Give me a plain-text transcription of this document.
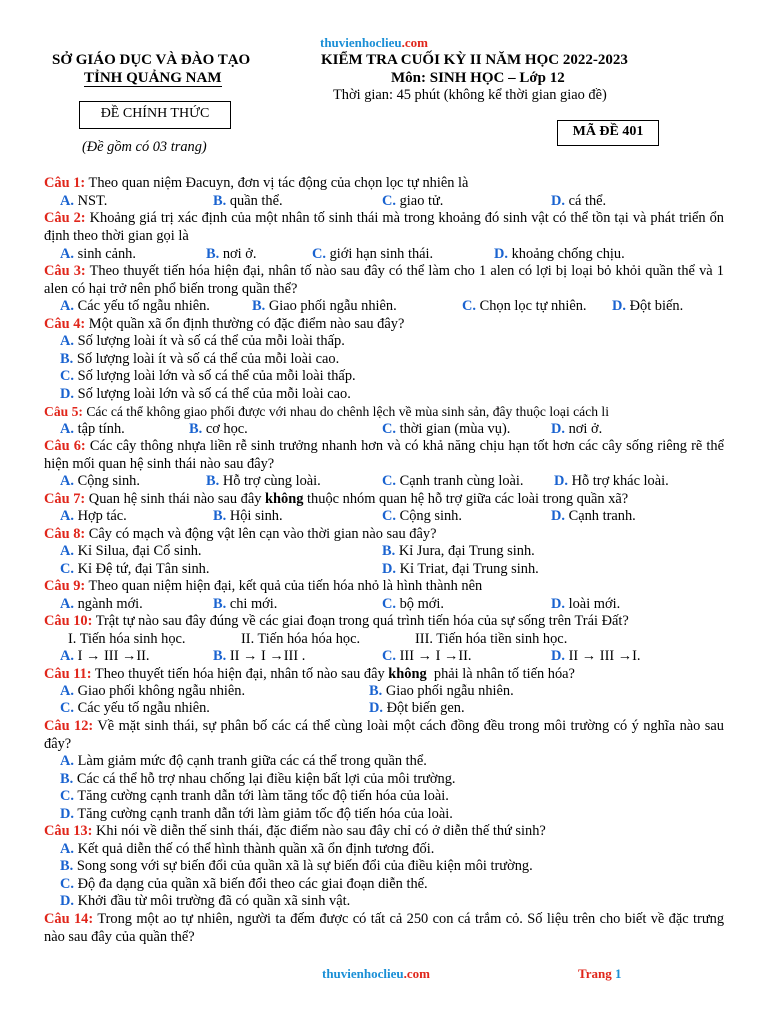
thuvienhoclieu.com
SỞ GIÁO DỤC VÀ ĐÀO TẠO
TỈNH QUẢNG NAM
ĐỀ CHÍNH THỨC
(Đề gồm có 03 trang)
KIỂM TRA CUỐI KỲ II NĂM HỌC 2022-2023
Môn: SINH HỌC – Lớp 12
Thời gian: 45 phút (không kể thời gian giao đề)
MÃ ĐỀ 401
Câu 1: Theo quan niệm Đacuyn, đơn vị tác động của chọn lọc tự nhiên là
A. NST.	B. quần thể.	C. giao tử.	D. cá thể.
Câu 2: Khoảng giá trị xác định của một nhân tố sinh thái mà trong khoảng đó sinh vật có thể tồn tại và phát triển ổn định theo thời gian gọi là
A. sinh cảnh.	B. nơi ở.	C. giới hạn sinh thái.	D. khoảng chống chịu.
Câu 3: Theo thuyết tiến hóa hiện đại, nhân tố nào sau đây có thể làm cho 1 alen có lợi bị loại bỏ khỏi quần thể và 1 alen có hại trở nên phổ biến trong quần thể?
A. Các yếu tố ngẫu nhiên.	B. Giao phối ngẫu nhiên.	C. Chọn lọc tự nhiên. D. Đột biến.
Câu 4: Một quần xã ổn định thường có đặc điểm nào sau đây?
A. Số lượng loài ít và số cá thể của mỗi loài thấp.
B. Số lượng loài ít và số cá thể của mỗi loài cao.
C. Số lượng loài lớn và số cá thể của mỗi loài thấp.
D. Số lượng loài lớn và số cá thể của mỗi loài cao.
Câu 5: Các cá thể không giao phối được với nhau do chênh lệch về mùa sinh sản, đây thuộc loại cách li
A. tập tính.	B. cơ học.	C. thời gian (mùa vụ).	D. nơi ở.
Câu 6: Các cây thông nhựa liền rễ sinh trưởng nhanh hơn và có khả năng chịu hạn tốt hơn các cây sống riêng rẽ thể hiện mối quan hệ sinh thái nào sau đây?
A. Cộng sinh.	B. Hỗ trợ cùng loài.	C. Cạnh tranh cùng loài. D. Hỗ trợ khác loài.
Câu 7: Quan hệ sinh thái nào sau đây không thuộc nhóm quan hệ hỗ trợ giữa các loài trong quần xã?
A. Hợp tác.	B. Hội sinh.	C. Cộng sinh.	D. Cạnh tranh.
Câu 8: Cây có mạch và động vật lên cạn vào thời gian nào sau đây?
A. Kỉ Silua, đại Cổ sinh.	B. Kỉ Jura, đại Trung sinh.
C. Kỉ Đệ tứ, đại Tân sinh.	D. Kỉ Triat, đại Trung sinh.
Câu 9: Theo quan niệm hiện đại, kết quả của tiến hóa nhỏ là hình thành nên
A. ngành mới.	B. chi mới.	C. bộ mới.	D. loài mới.
Câu 10: Trật tự nào sau đây đúng về các giai đoạn trong quá trình tiến hóa của sự sống trên Trái Đất?
I. Tiến hóa sinh học.	II. Tiến hóa hóa học.	III. Tiến hóa tiền sinh học.
A. I → III →II.	B. II → I →III .	C. III → I →II.	D. II → III →I.
Câu 11: Theo thuyết tiến hóa hiện đại, nhân tố nào sau đây không  phải là nhân tố tiến hóa?
A. Giao phối không ngẫu nhiên.	B. Giao phối ngẫu nhiên.
C. Các yếu tố ngẫu nhiên.	D. Đột biến gen.
Câu 12: Về mặt sinh thái, sự phân bố các cá thể cùng loài một cách đồng đều trong môi trường có ý nghĩa nào sau đây?
A. Làm giảm mức độ cạnh tranh giữa các cá thể trong quần thể.
B. Các cá thể hỗ trợ nhau chống lại điều kiện bất lợi của môi trường.
C. Tăng cường cạnh tranh dẫn tới làm tăng tốc độ tiến hóa của loài.
D. Tăng cường cạnh tranh dẫn tới làm giảm tốc độ tiến hóa của loài.
Câu 13: Khi nói về diễn thế sinh thái, đặc điểm nào sau đây chỉ có ở diễn thế thứ sinh?
A. Kết quả diễn thế có thể hình thành quần xã ổn định tương đối.
B. Song song với sự biến đổi của quần xã là sự biến đổi của điều kiện môi trường.
C. Độ đa dạng của quần xã biến đổi theo các giai đoạn diễn thế.
D. Khởi đầu từ môi trường đã có quần xã sinh vật.
Câu 14: Trong một ao tự nhiên, người ta đếm được có tất cả 250 con cá trắm cỏ. Số liệu trên cho biết về đặc trưng nào sau đây của quần thể?
thuvienhoclieu.com	Trang 1
